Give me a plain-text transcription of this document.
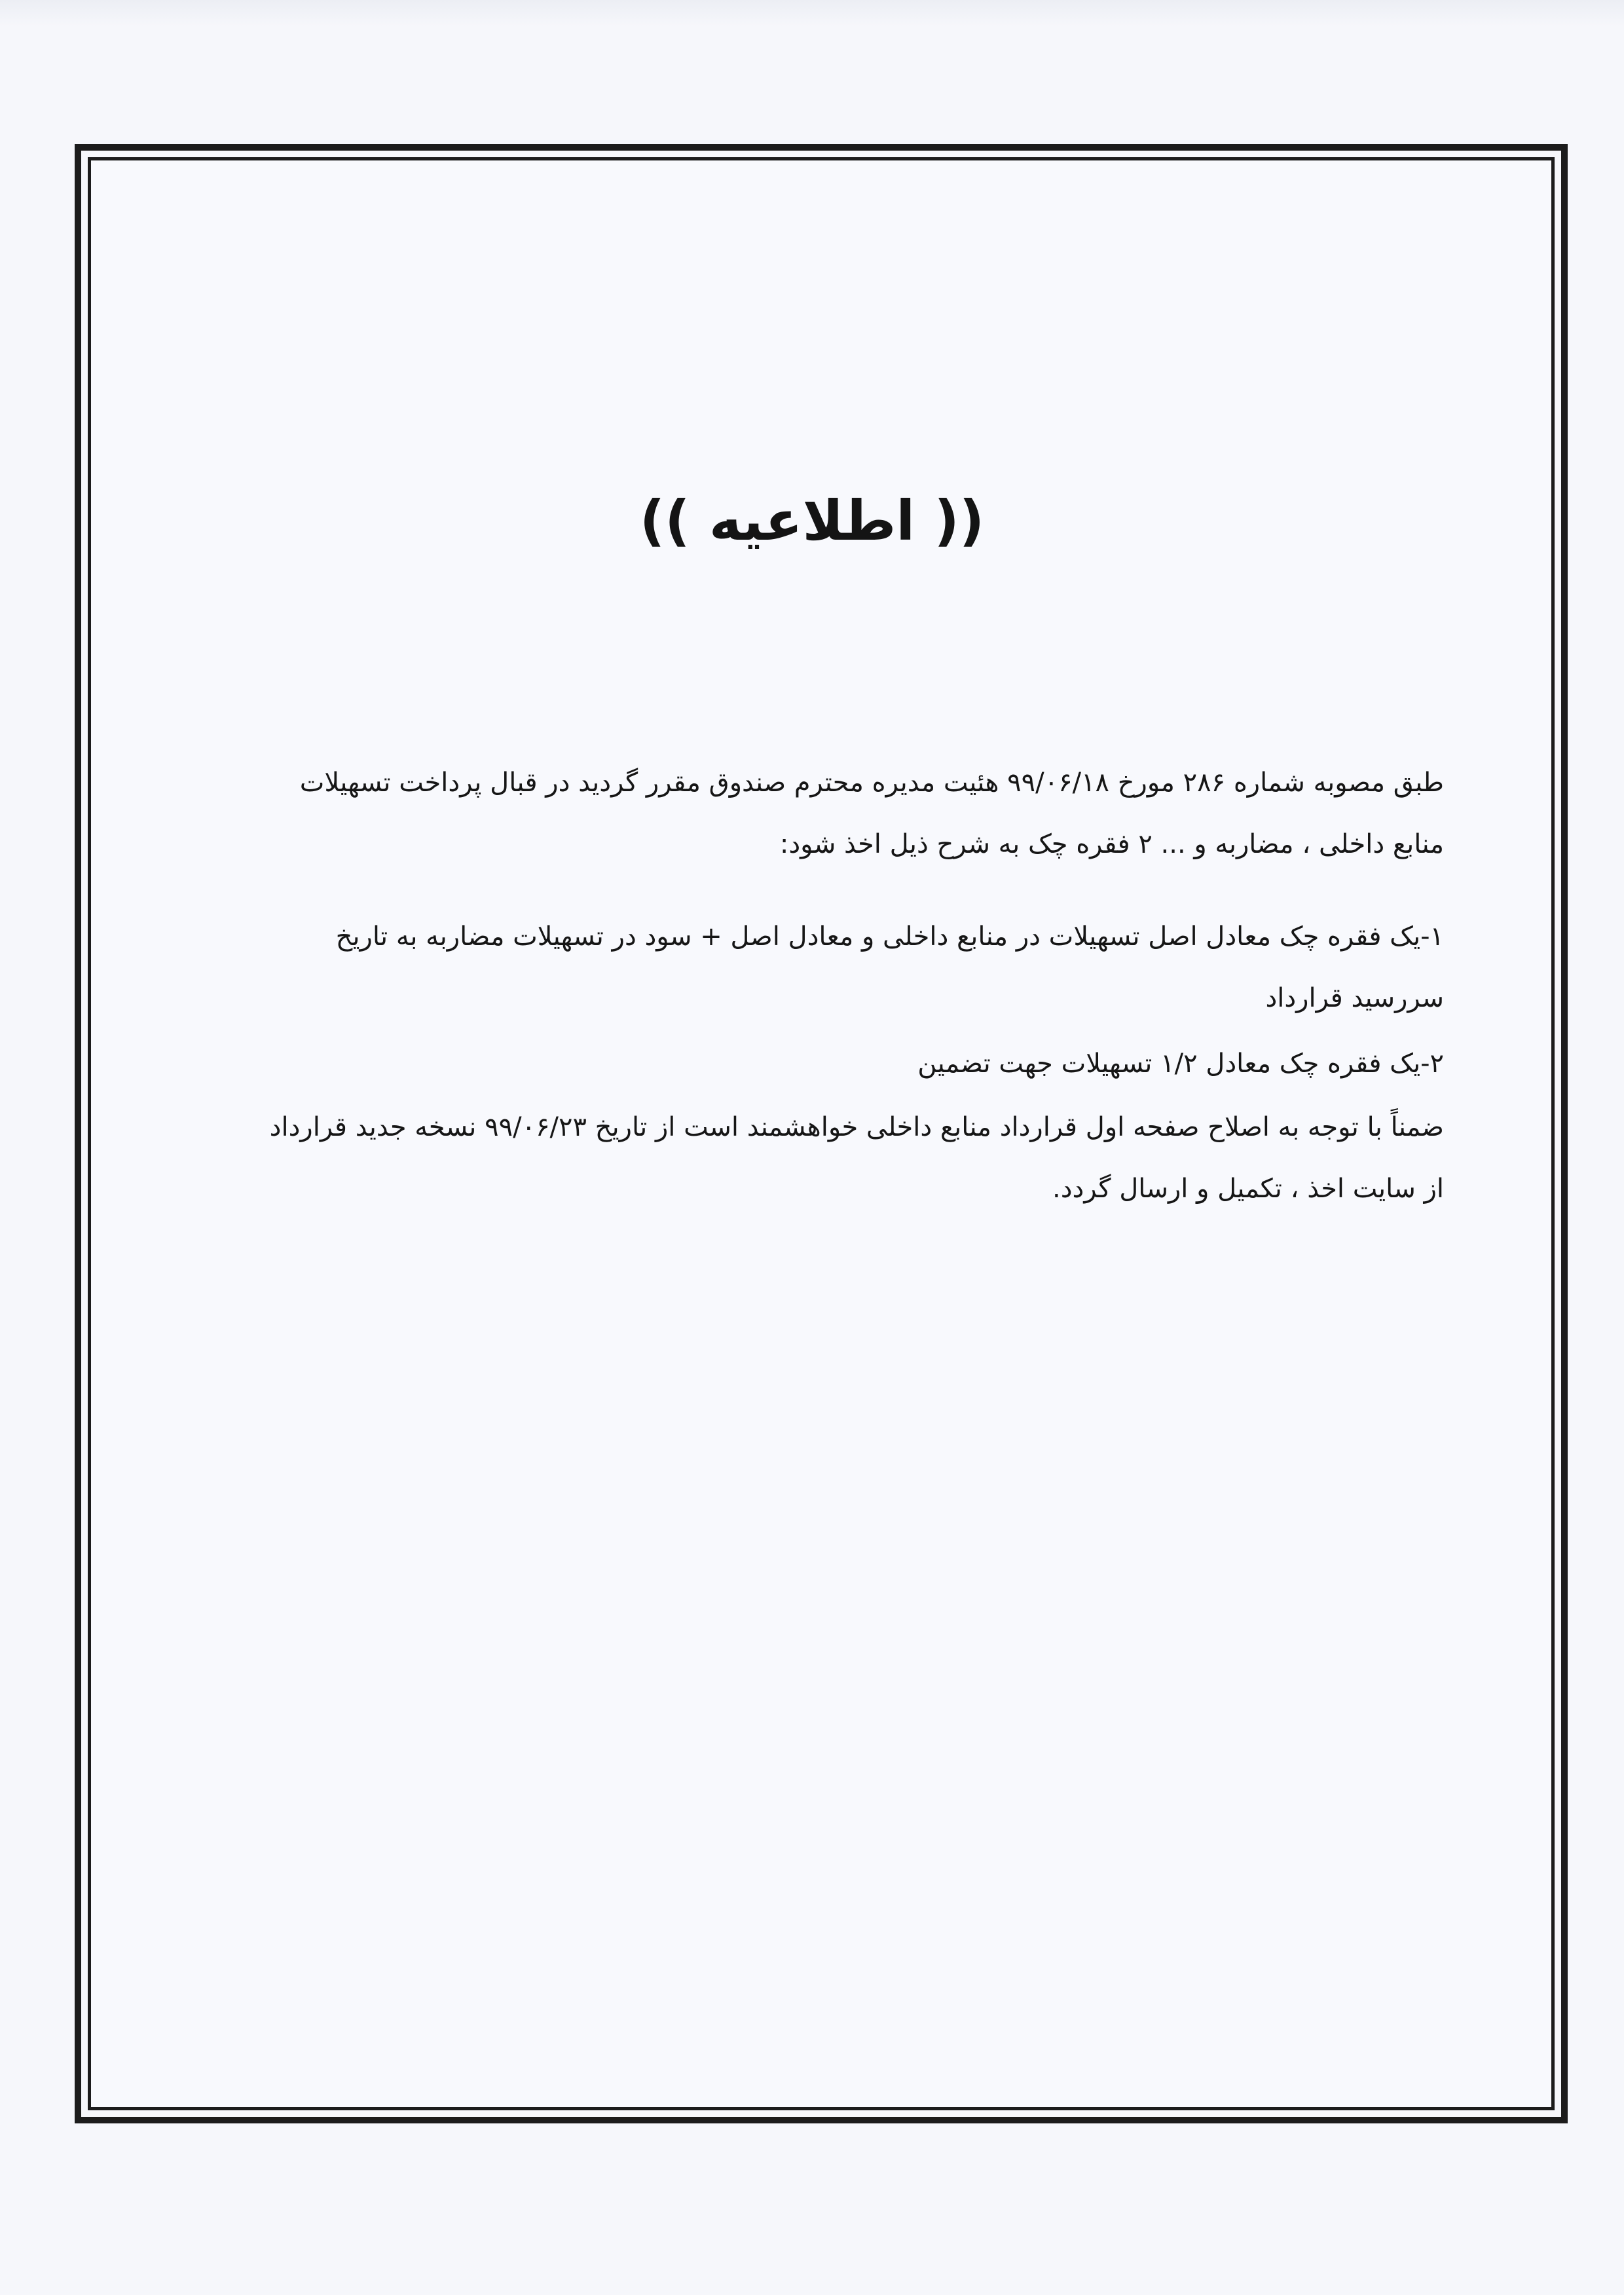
(( اطلاعیه ))
طبق مصوبه شماره ۲۸۶ مورخ ۹۹/۰۶/۱۸ هئیت مدیره محترم صندوق مقرر گردید در قبال پرداخت تسهیلات
منابع داخلی ، مضاربه و ... ۲ فقره چک به شرح ذیل اخذ شود:
۱-یک فقره چک معادل اصل تسهیلات در منابع داخلی و معادل اصل + سود در تسهیلات مضاربه به تاریخ
سررسید قرارداد
۲-یک فقره چک معادل ۱/۲ تسهیلات جهت تضمین
ضمناً با توجه به اصلاح صفحه اول قرارداد منابع داخلی خواهشمند است از تاریخ ۹۹/۰۶/۲۳ نسخه جدید قرارداد
از سایت اخذ ، تکمیل و ارسال گردد.
